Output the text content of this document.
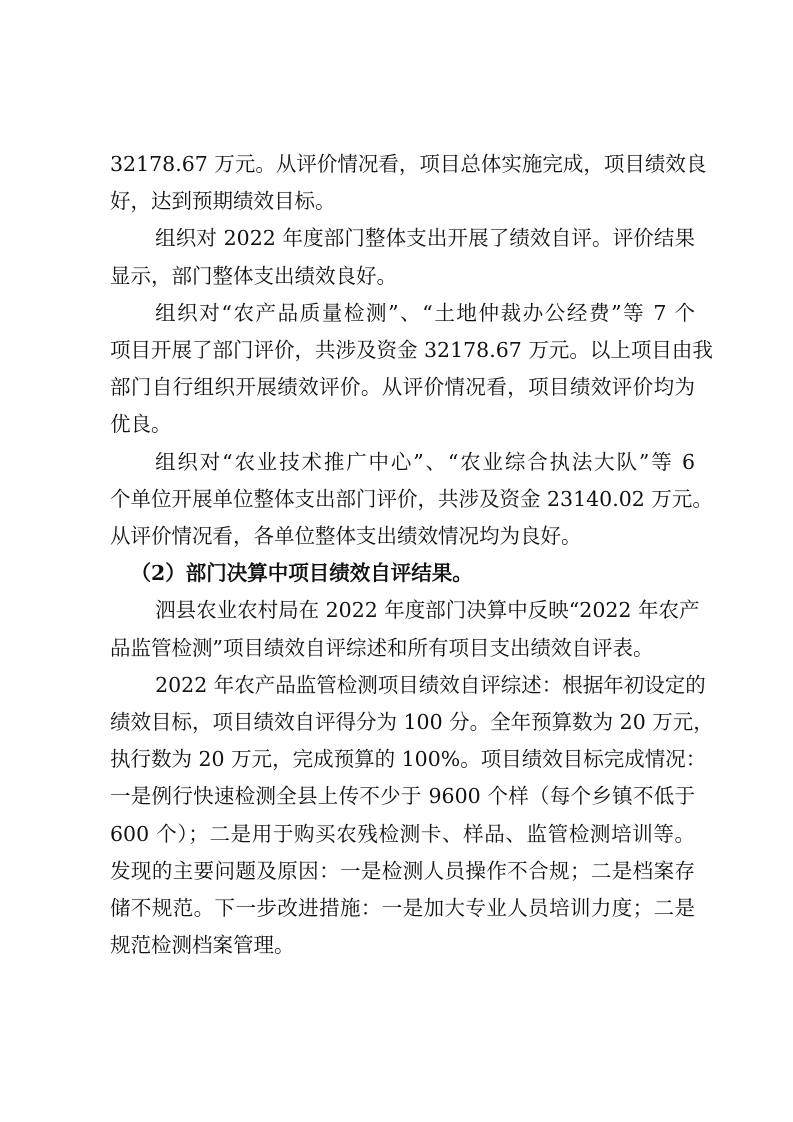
32178.67 万元。从评价情况看，项目总体实施完成，项目绩效良
好，达到预期绩效目标。

组织对 2022 年度部门整体支出开展了绩效自评。评价结果
显示，部门整体支出绩效良好。

组织对“农产品质量检测”、“土地仲裁办公经费”等 7 个
项目开展了部门评价，共涉及资金 32178.67 万元。以上项目由我
部门自行组织开展绩效评价。从评价情况看，项目绩效评价均为
优良。

组织对“农业技术推广中心”、“农业综合执法大队”等 6
个单位开展单位整体支出部门评价，共涉及资金 23140.02 万元。
从评价情况看，各单位整体支出绩效情况均为良好。

（2）部门决算中项目绩效自评结果。

泗县农业农村局在 2022 年度部门决算中反映“2022 年农产
品监管检测”项目绩效自评综述和所有项目支出绩效自评表。

2022 年农产品监管检测项目绩效自评综述：根据年初设定的
绩效目标，项目绩效自评得分为 100 分。全年预算数为 20 万元，
执行数为 20 万元，完成预算的 100%。项目绩效目标完成情况：
一是例行快速检测全县上传不少于 9600 个样（每个乡镇不低于
600 个）；二是用于购买农残检测卡、样品、监管检测培训等。
发现的主要问题及原因：一是检测人员操作不合规；二是档案存
储不规范。下一步改进措施：一是加大专业人员培训力度；二是
规范检测档案管理。
